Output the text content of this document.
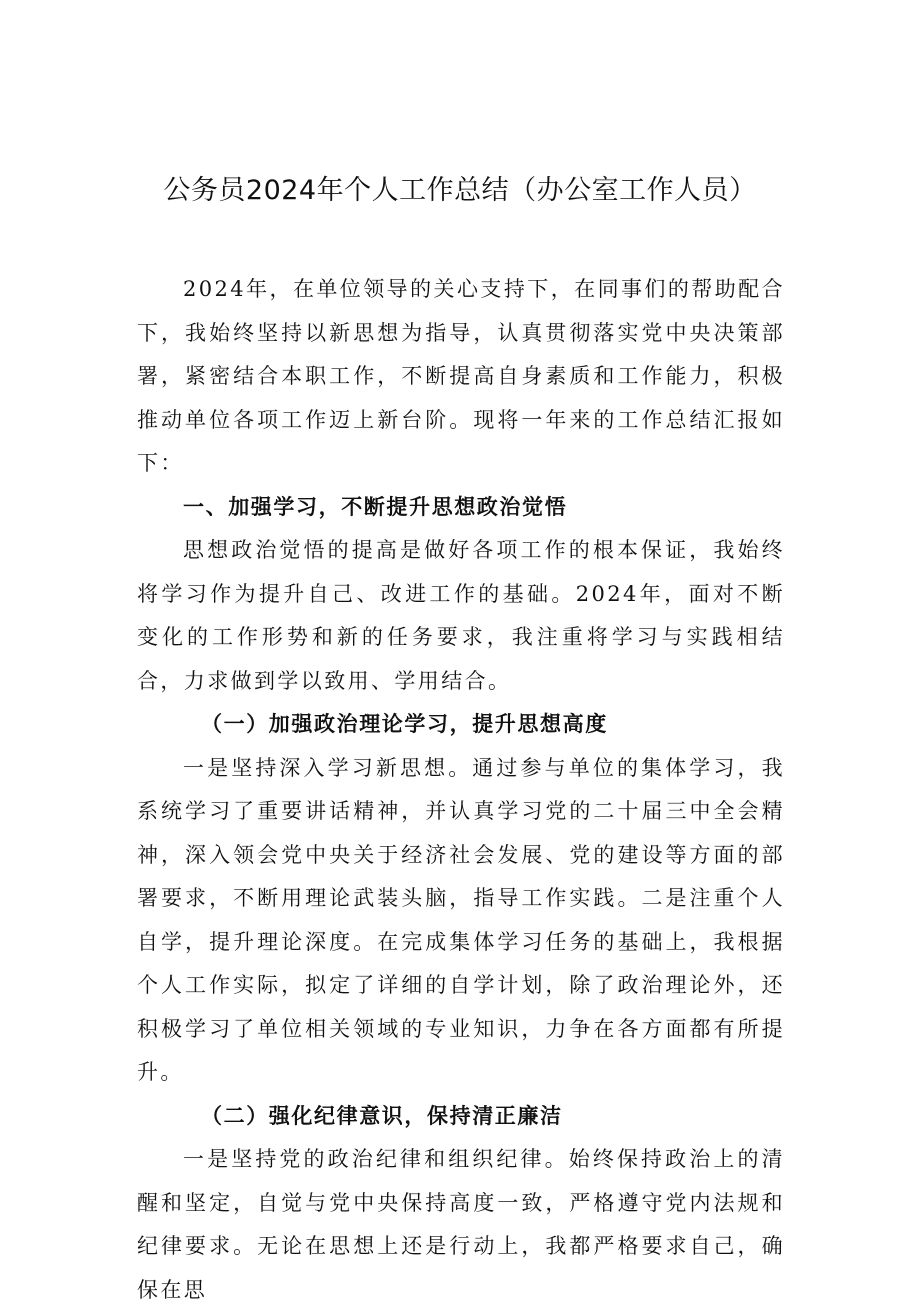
公务员2024年个人工作总结（办公室工作人员）

2024年，在单位领导的关心支持下，在同事们的帮助配合下，我始终坚持以新思想为指导，认真贯彻落实党中央决策部署，紧密结合本职工作，不断提高自身素质和工作能力，积极推动单位各项工作迈上新台阶。现将一年来的工作总结汇报如下：

一、加强学习，不断提升思想政治觉悟

思想政治觉悟的提高是做好各项工作的根本保证，我始终将学习作为提升自己、改进工作的基础。2024年，面对不断变化的工作形势和新的任务要求，我注重将学习与实践相结合，力求做到学以致用、学用结合。

（一）加强政治理论学习，提升思想高度

一是坚持深入学习新思想。通过参与单位的集体学习，我系统学习了重要讲话精神，并认真学习党的二十届三中全会精神，深入领会党中央关于经济社会发展、党的建设等方面的部署要求，不断用理论武装头脑，指导工作实践。二是注重个人自学，提升理论深度。在完成集体学习任务的基础上，我根据个人工作实际，拟定了详细的自学计划，除了政治理论外，还积极学习了单位相关领域的专业知识，力争在各方面都有所提升。

（二）强化纪律意识，保持清正廉洁

一是坚持党的政治纪律和组织纪律。始终保持政治上的清醒和坚定，自觉与党中央保持高度一致，严格遵守党内法规和纪律要求。无论在思想上还是行动上，我都严格要求自己，确保在思
